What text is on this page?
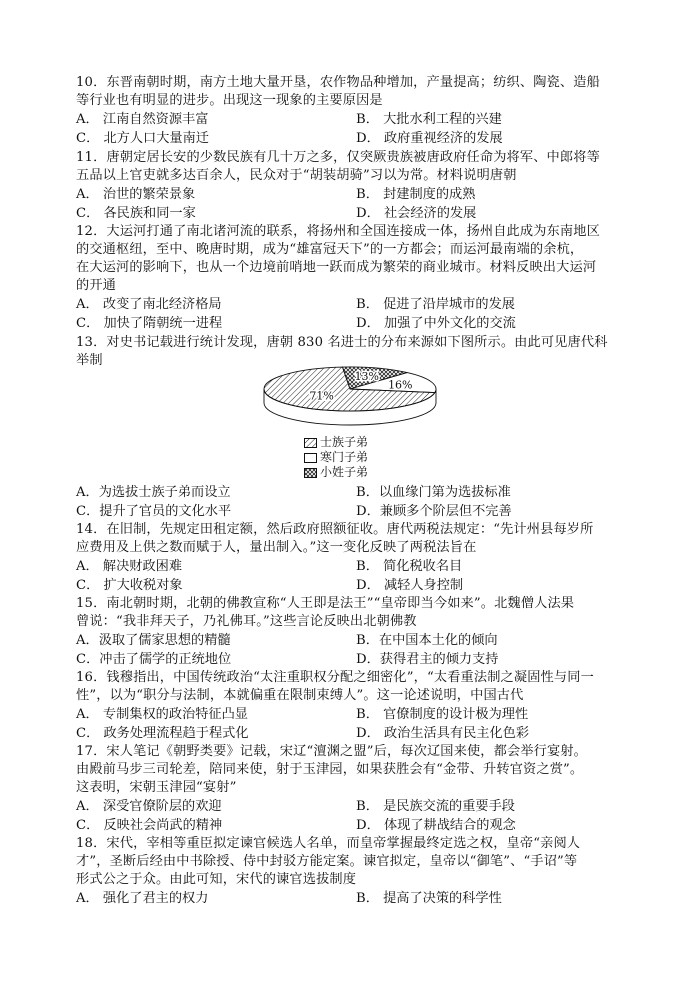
10．东晋南朝时期，南方土地大量开垦，农作物品种增加，产量提高；纺织、陶瓷、造船
等行业也有明显的进步。出现这一现象的主要原因是
A． 江南自然资源丰富	B． 大批水利工程的兴建
C． 北方人口大量南迁	D． 政府重视经济的发展
11．唐朝定居长安的少数民族有几十万之多，仅突厥贵族被唐政府任命为将军、中郎将等
五品以上官吏就多达百余人，民众对于“胡装胡骑”习以为常。材料说明唐朝
A． 治世的繁荣景象	B． 封建制度的成熟
C． 各民族和同一家	D． 社会经济的发展
12．大运河打通了南北诸河流的联系，将扬州和全国连接成一体，扬州自此成为东南地区
的交通枢纽，至中、晚唐时期，成为“雄富冠天下”的一方都会；而运河最南端的余杭，
在大运河的影响下，也从一个边境前哨地一跃而成为繁荣的商业城市。材料反映出大运河
的开通
A． 改变了南北经济格局	B． 促进了沿岸城市的发展
C． 加快了隋朝统一进程	D． 加强了中外文化的交流
13．对史书记载进行统计发现，唐朝 830 名进士的分布来源如下图所示。由此可见唐代科
举制
13%
16%
71%
士族子弟
寒门子弟
小姓子弟
A．为选拔士族子弟而设立	B．以血缘门第为选拔标准
C．提升了官员的文化水平	D．兼顾多个阶层但不完善
14．在旧制，先规定田租定额，然后政府照额征收。唐代两税法规定：“先计州县每岁所
应费用及上供之数而赋于人，量出制入。”这一变化反映了两税法旨在
A． 解决财政困难	B． 简化税收名目
C． 扩大收税对象	D． 减轻人身控制
15．南北朝时期，北朝的佛教宣称“人王即是法王”“皇帝即当今如来”。北魏僧人法果
曾说：“我非拜天子，乃礼佛耳。”这些言论反映出北朝佛教
A．汲取了儒家思想的精髓	B．在中国本土化的倾向
C．冲击了儒学的正统地位	D．获得君主的倾力支持
16．钱穆指出，中国传统政治“太注重职权分配之细密化”，“太看重法制之凝固性与同一
性”，以为“职分与法制，本就偏重在限制束缚人”。这一论述说明，中国古代
A． 专制集权的政治特征凸显	B． 官僚制度的设计极为理性
C． 政务处理流程趋于程式化	D． 政治生活具有民主化色彩
17．宋人笔记《朝野类要》记载，宋辽“澶渊之盟”后，每次辽国来使，都会举行宴射。
由殿前马步三司轮差，陪同来使，射于玉津园，如果获胜会有“金带、升转官资之赏”。
这表明，宋朝玉津园“宴射”
A． 深受官僚阶层的欢迎	B． 是民族交流的重要手段
C． 反映社会尚武的精神	D． 体现了耕战结合的观念
18．宋代，宰相等重臣拟定谏官候选人名单，而皇帝掌握最终定选之权，皇帝“亲阅人
才”，圣断后经由中书除授、侍中封驳方能定案。谏官拟定，皇帝以“御笔”、“手诏”等
形式公之于众。由此可知，宋代的谏官选拔制度
A． 强化了君主的权力	B． 提高了决策的科学性
